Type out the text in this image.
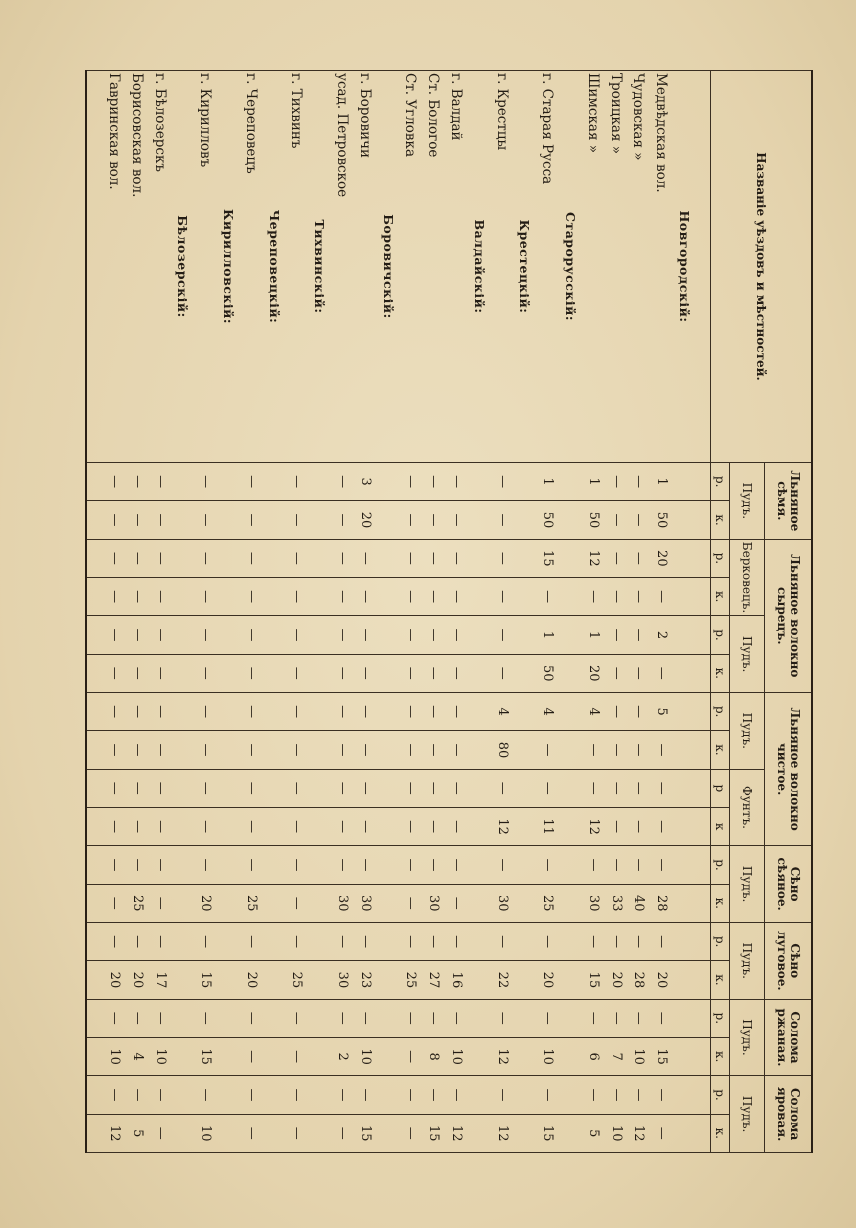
Названіе уѣздовъ и мѣстностей.	Льняное сѣмя.		Льняное волокно сырецъ.				Льняное волокно чистое.				Сѣно сѣяное.		Сѣно луговое.		Солома ржаная.		Солома яровая.	
	Пудъ.		Берковецъ.		Пудъ.		Пудъ.		Фунтъ.		Пудъ.		Пудъ.		Пудъ.		Пудъ.	
	р.	к.	р.	к.	р.	к.	р.	к.	р	к	р.	к.	р.	к.	р.	к.	р.	к.

Новгородскій:																		
Медвѣдская вол.	1	50	20	—	2	—	5	—	—	—	—	28	—	20	—	15	—	—
Чудовская »	—	—	—	—	—	—	—	—	—	—	—	40	—	28	—	10	—	12
Троицкая »	—	—	—	—	—	—	—	—	—	—	—	33	—	20	—	7	—	10
Шимская »	1	50	12	—	1	20	4	—	—	12	—	30	—	15	—	6	—	5
Старорусскій:																		
г. Старая Русса	1	50	15	—	1	50	4	—	—	11	—	25	—	20	—	10	—	15
Крестецкій:																		
г. Крестцы	—	—	—	—	—	—	4	80	—	12	—	30	—	22	—	12	—	12
Валдайскій:																		
г. Валдай	—	—	—	—	—	—	—	—	—	—	—	—	—	16	—	10	—	12
Ст. Бологое	—	—	—	—	—	—	—	—	—	—	—	30	—	27	—	8	—	15
Ст. Угловка	—	—	—	—	—	—	—	—	—	—	—	—	—	25	—	—	—	—
Боровичскій:																		
г. Боровичи	3	20	—	—	—	—	—	—	—	—	—	30	—	23	—	10	—	15
усад. Петровское	—	—	—	—	—	—	—	—	—	—	—	30	—	30	—	2	—	—
Тихвинскій:																		
г. Тихвинъ	—	—	—	—	—	—	—	—	—	—	—	—	—	25	—	—	—	—
Череповецкій:																		
г. Череповецъ	—	—	—	—	—	—	—	—	—	—	—	25	—	20	—	—	—	—
Кирилловскій:																		
г. Кирилловъ	—	—	—	—	—	—	—	—	—	—	—	20	—	15	—	15	—	10
Бѣлозерскій:																		
г. Бѣлозерскъ	—	—	—	—	—	—	—	—	—	—	—	—	—	17	—	10	—	—
Борисовская вол.	—	—	—	—	—	—	—	—	—	—	—	25	—	20	—	4	—	5
Гавринская вол.	—	—	—	—	—	—	—	—	—	—	—	—	—	20	—	10	—	12
